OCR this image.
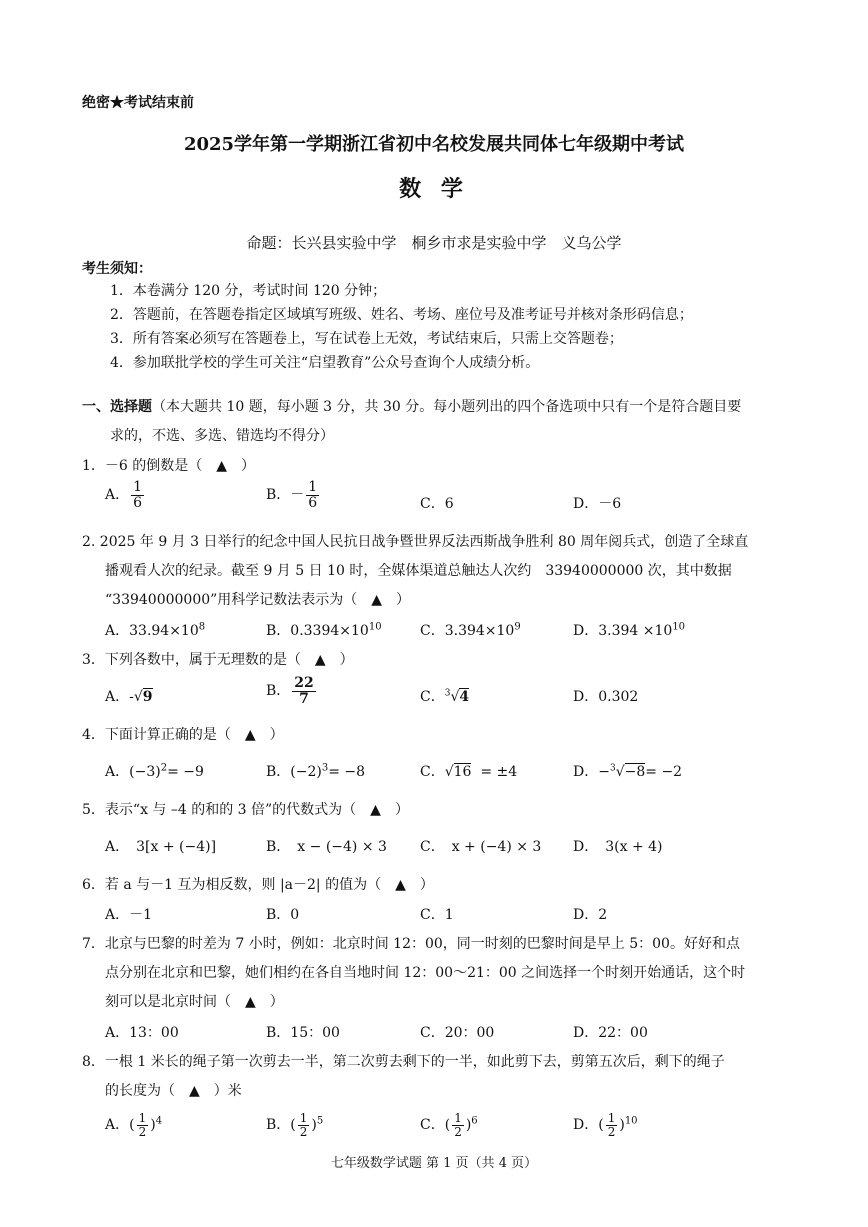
绝密★考试结束前
2025学年第一学期浙江省初中名校发展共同体七年级期中考试
数 学
命题：长兴县实验中学　桐乡市求是实验中学　义乌公学
考生须知：
1．本卷满分 120 分，考试时间 120 分钟；
2．答题前，在答题卷指定区域填写班级、姓名、考场、座位号及准考证号并核对条形码信息；
3．所有答案必须写在答题卷上，写在试卷上无效，考试结束后，只需上交答题卷；
4．参加联批学校的学生可关注“启望教育”公众号查询个人成绩分析。
一、选择题（本大题共 10 题，每小题 3 分，共 30 分。每小题列出的四个备选项中只有一个是符合题目要
求的，不选、多选、错选均不得分）
1．－6 的倒数是（　▲　）
A． $\frac{1}{6}$	B．－ $\frac{1}{6}$	C．6	D．－6
2. 2025 年 9 月 3 日举行的纪念中国人民抗日战争暨世界反法西斯战争胜利 80 周年阅兵式，创造了全球直
播观看人次的纪录。截至 9 月 5 日 10 时，全媒体渠道总触达人次约　33940000000 次，其中数据
“33940000000”用科学记数法表示为（　▲　）
A．$33.94\times 10^8$	B．$0.3394\times 10^{10}$	C．$3.394\times 10^9$	D．$3.394 \times 10^{10}$
3．下列各数中，属于无理数的是（　▲　）
A．-√9	B． $\frac{22}{7}$	C．$^3$√4	D．0.302
4．下面计算正确的是（　▲　）
A．$(-3)^2= -9$	B．$(-2)^3= -8$	C．√16 = ±4	D．−$^3$√−8= −2
5．表示“x 与 –4 的和的 3 倍”的代数式为（　▲　）
A．　3[x + (−4)]	B．　x − (−4) × 3 C．　x + (−4) × 3 D．　3(x + 4)
6．若 a 与－1 互为相反数，则 |a－2| 的值为（　▲　）
A．－1	B．0	C．1	D．2
7．北京与巴黎的时差为 7 小时，例如：北京时间 12：00，同一时刻的巴黎时间是早上 5：00。好好和点
点分别在北京和巴黎，她们相约在各自当地时间 12：00～21：00 之间选择一个时刻开始通话，这个时
刻可以是北京时间（　▲　）
A．13：00	B．15：00	C．20：00	D．22：00
8．一根 1 米长的绳子第一次剪去一半，第二次剪去剩下的一半，如此剪下去，剪第五次后，剩下的绳子
的长度为（　▲　）米
A．( $\frac{1}{2} )^4$	B．( $\frac{1}{2} )^5$	C．( $\frac{1}{2} )^6$	D．( $\frac{1}{2} )^{10}$
七年级数学试题 第 1 页（共 4 页）
